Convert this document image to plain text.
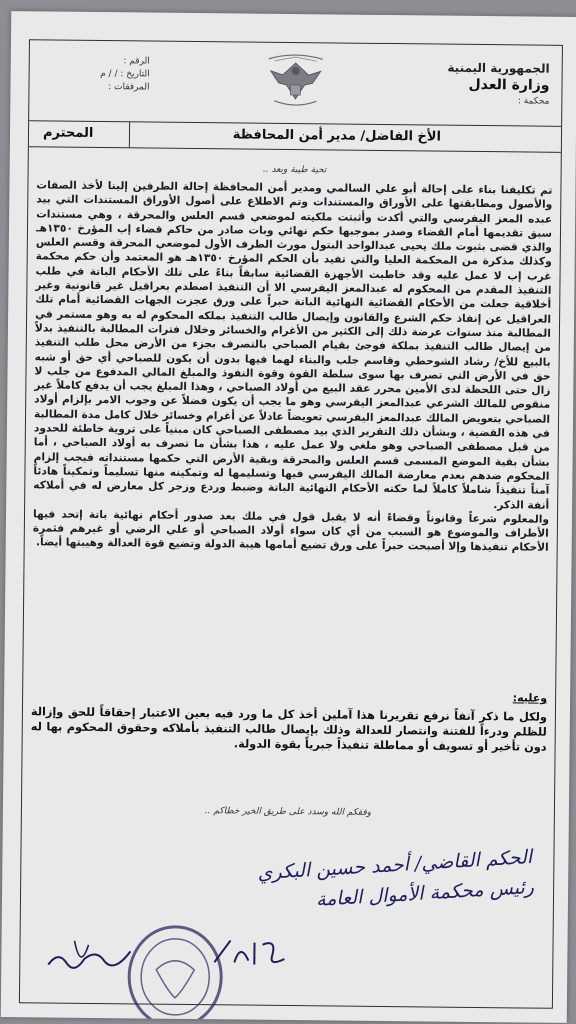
الجمهورية اليمنية
وزارة العدل
محكمة :
الرقم :
التاريخ : / / م
المرفقات :
الأخ الفاضل/ مدير أمن المحافظة
المحترم
تحية طيبة وبعد ..

تم تكليفنا بناء على إحالة أبو علي السالمي ومدير أمن المحافظة إحالة الطرفين إلينا لأخذ الصفات والأصول ومطابقتها على الأوراق والمستندات وتم الاطلاع على أصول الأوراق المستندات التي بيد عبده المعز اليفرسي والتي أكدت وأثبتت ملكيته لموضعي قسم العلس والمحرقة ، وهي مستندات سبق تقديمها أمام القضاء وصدر بموجبها حكم نهائي وبات صادر من حاكم قضاء إب المؤرخ ١٣٥٠هـ والذي قضى بثبوت ملك يحيى عبدالواحد البتول مورث الطرف الأول لموضعي المحرقة وقسم العلس وكذلك مذكرة من المحكمة العليا والتي تفيد بأن الحكم المؤرخ ١٣٥٠هـ هو المعتمد وأن حكم محكمة غرب إب لا عمل عليه وقد خاطبت الأجهزة القضائية سابقاً بناءً على تلك الأحكام الباتة في طلب التنفيذ المقدم من المحكوم له عبدالمعز اليفرسي الا أن التنفيذ اصطدم بعراقيل غير قانونية وغير أخلاقية جعلت من الأحكام القضائية النهائية الباتة حبراً على ورق عجزت الجهات القضائية أمام تلك العراقيل عن إنفاذ حكم الشرع والقانون وإيصال طالب التنفيذ بملكه المحكوم له به وهو مستمر في المطالبة منذ سنوات عرضة ذلك إلى الكثير من الأغرام والخسائر وخلال فترات المطالبة بالتنفيذ بدلاً من إيصال طالب التنفيذ بملكة فوجئ بقيام الصباحي بالتصرف بجزء من الأرض محل طلب التنفيذ بالبيع للأخ/ رشاد الشوحطي وقاسم جلب والبناء لهما فيها بدون أن يكون للصباحي أي حق أو شبه حق في الأرض التي تصرف بها سوى سلطة القوة وقوة النفوذ والمبلغ المالي المدفوع من جلب لا زال حتى اللحظة لدى الأمين محرر عقد البيع من أولاد الصباحي ، وهذا المبلغ يجب أن يدفع كاملاً غير منقوص للمالك الشرعي عبدالمعز اليفرسي وهو ما يجب أن يكون فضلاً عن وجوب الامر بإلزام أولاد الصباحي بتعويض المالك عبدالمعز اليفرسي تعويضاً عادلاً عن أغرام وخسائر خلال كامل مدة المطالبة في هذه القضية ، وبشأن ذلك التقرير الذي بيد مصطفى الصباحي كان مبنياً على تروية خاطئة للحدود من قبل مصطفى الصباحي وهو ملغي ولا عمل عليه ، هذا بشأن ما تصرف به أولاد الصباحي ، أما بشأن بقية الموضع المسمى قسم العلس والمحرقة وبقية الأرض التي حكمها مستنداته فيجب إلزام المحكوم ضدهم بعدم معارضة المالك اليفرسي فيها وتسليمها له وتمكينه منها تسليماً وتمكيناً هادئاً آمناً تنفيذاً شاملاً كاملاً لما حكته الأحكام النهائية الباتة وضبط وردع وزجر كل معارض له في أملاكه أنفة الذكر.

والمعلوم شرعاً وقانوناً وقضاءً أنه لا يقبل قول في ملك بعد صدور أحكام نهائية باتة إتحد فيها الأطراف والموضوع هو السبب من أي كان سواء أولاد الصباحي أو علي الرضي أو غيرهم فثمرة الأحكام تنفيذها وإلا أصبحت حبراً على ورق تضيع أمامها هيبة الدولة وتضيع قوة العدالة وهيبتها أيضاً.

وعليه:
ولكل ما ذكر آنفاً نرفع تقريرنا هذا آملين أخذ كل ما ورد فيه بعين الاعتبار إحقاقاً للحق وإزالة للظلم ودرءاً للفتنة وانتصار للعدالة وذلك بإيصال طالب التنفيذ بأملاكه وحقوق المحكوم بها له دون تأخير أو تسويف أو مماطلة تنفيذاً جبرياً بقوة الدولة.
وفقكم الله وسدد على طريق الخير خطاكم ..
الحكم القاضي/ أحمد حسين البكري
رئيس محكمة الأموال العامة
